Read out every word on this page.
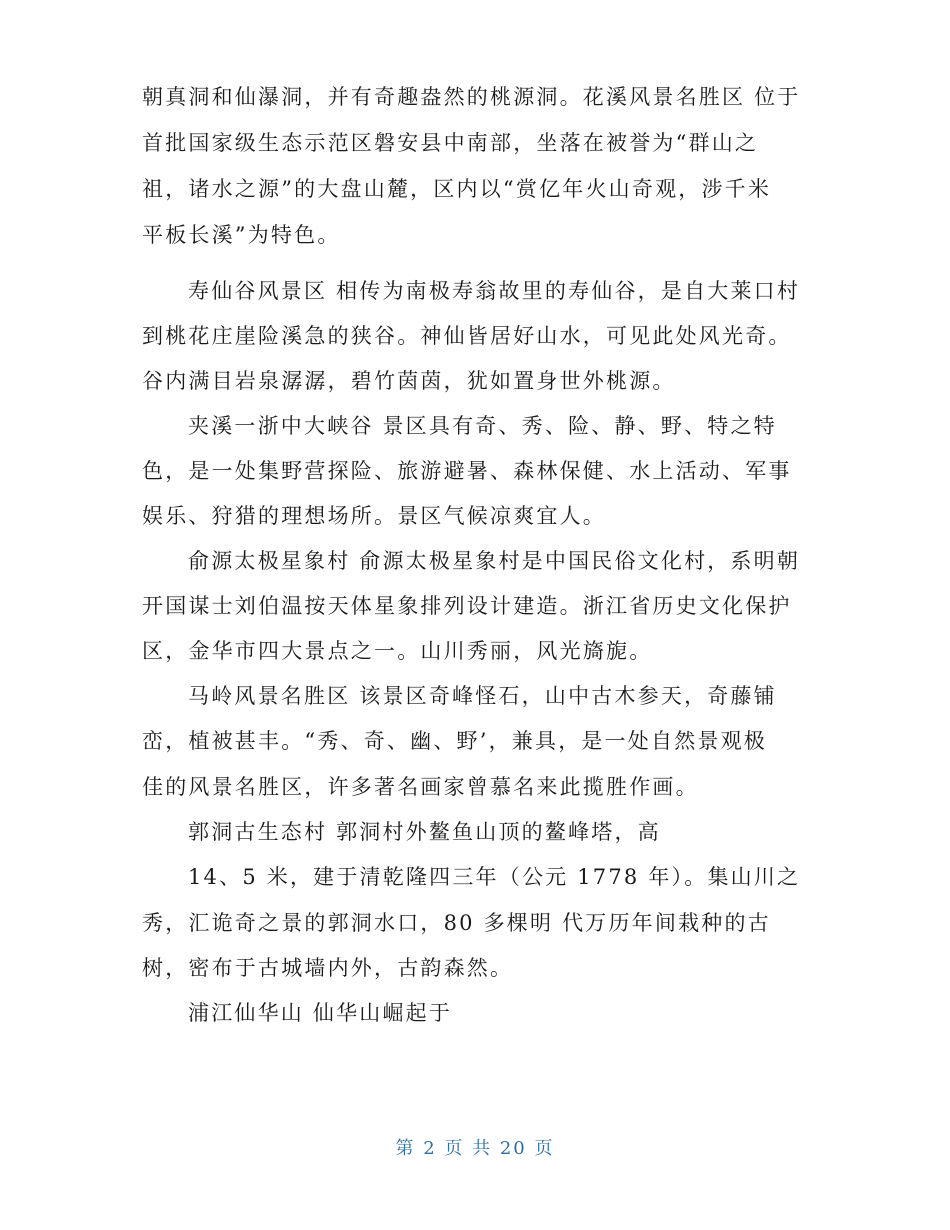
朝真洞和仙瀑洞，并有奇趣盎然的桃源洞。花溪风景名胜区 位于
首批国家级生态示范区磐安县中南部，坐落在被誉为“群山之
祖，诸水之源”的大盘山麓，区内以“赏亿年火山奇观，涉千米
平板长溪”为特色。
寿仙谷风景区 相传为南极寿翁故里的寿仙谷，是自大莱口村
到桃花庄崖险溪急的狭谷。神仙皆居好山水，可见此处风光奇。
谷内满目岩泉潺潺，碧竹茵茵，犹如置身世外桃源。
夹溪一浙中大峡谷 景区具有奇、秀、险、静、野、特之特
色，是一处集野营探险、旅游避暑、森林保健、水上活动、军事
娱乐、狩猎的理想场所。景区气候凉爽宜人。
俞源太极星象村 俞源太极星象村是中国民俗文化村，系明朝
开国谋士刘伯温按天体星象排列设计建造。浙江省历史文化保护
区，金华市四大景点之一。山川秀丽，风光旖旎。
马岭风景名胜区 该景区奇峰怪石，山中古木参天，奇藤铺
峦，植被甚丰。“秀、奇、幽、野’，兼具，是一处自然景观极
佳的风景名胜区，许多著名画家曾慕名来此揽胜作画。
郭洞古生态村 郭洞村外鳌鱼山顶的鳌峰塔，高
14、5 米，建于清乾隆四三年（公元 1778 年）。集山川之
秀，汇诡奇之景的郭洞水口，80 多棵明 代万历年间栽种的古
树，密布于古城墙内外，古韵森然。
浦江仙华山 仙华山崛起于
第 2 页 共 20 页
